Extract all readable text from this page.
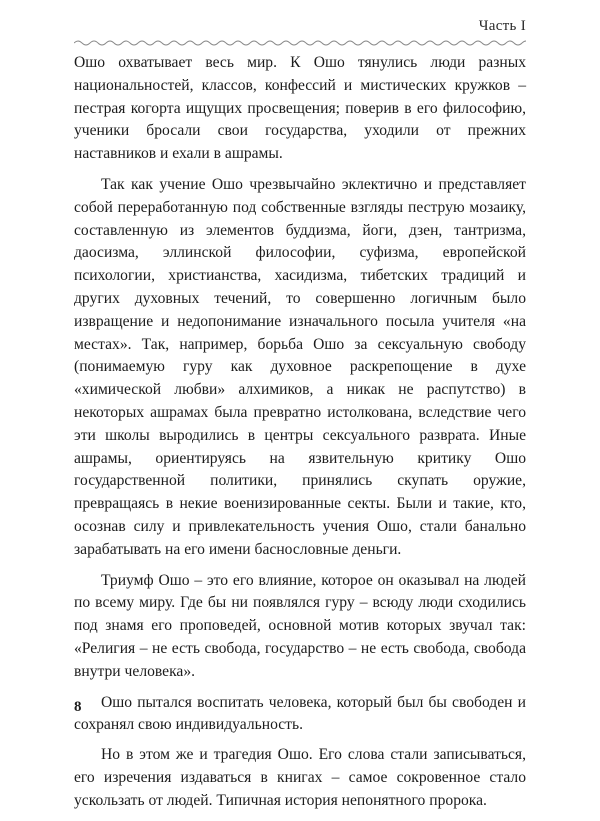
Часть I

Ошо охватывает весь мир. К Ошо тянулись люди разных национальностей, классов, конфессий и мистических кружков – пестрая когорта ищущих просвещения; поверив в его философию, ученики бросали свои государства, уходили от прежних наставников и ехали в ашрамы.

Так как учение Ошо чрезвычайно эклектично и представляет собой переработанную под собственные взгляды пеструю мозаику, составленную из элементов буддизма, йоги, дзен, тантризма, даосизма, эллинской философии, суфизма, европейской психологии, христианства, хасидизма, тибетских традиций и других духовных течений, то совершенно логичным было извращение и недопонимание изначального посыла учителя «на местах». Так, например, борьба Ошо за сексуальную свободу (понимаемую гуру как духовное раскрепощение в духе «химической любви» алхимиков, а никак не распутство) в некоторых ашрамах была превратно истолкована, вследствие чего эти школы выродились в центры сексуального разврата. Иные ашрамы, ориентируясь на язвительную критику Ошо государственной политики, принялись скупать оружие, превращаясь в некие военизированные секты. Были и такие, кто, осознав силу и привлекательность учения Ошо, стали банально зарабатывать на его имени баснословные деньги.

Триумф Ошо – это его влияние, которое он оказывал на людей по всему миру. Где бы ни появлялся гуру – всюду люди сходились под знамя его проповедей, основной мотив которых звучал так: «Религия – не есть свобода, государство – не есть свобода, свобода внутри человека».

Ошо пытался воспитать человека, который был бы свободен и сохранял свою индивидуальность.

Но в этом же и трагедия Ошо. Его слова стали записываться, его изречения издаваться в книгах – самое сокровенное стало ускользать от людей. Типичная история непонятного пророка.

8
